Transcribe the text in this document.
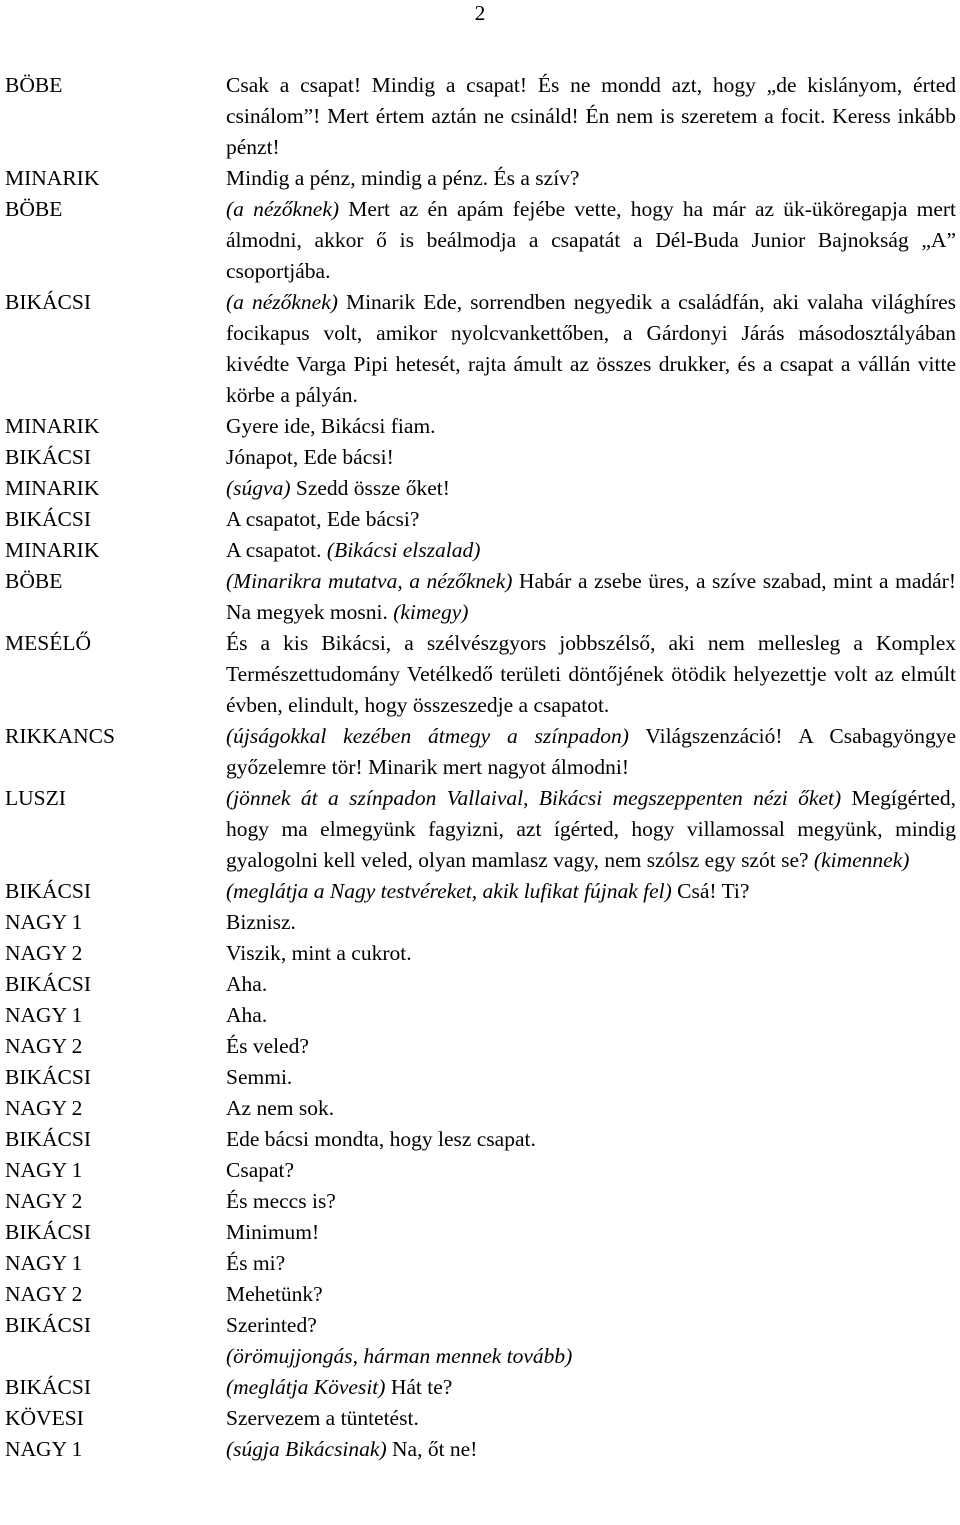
2
BÖBE	Csak a csapat! Mindig a csapat! És ne mondd azt, hogy „de kislányom, érted csinálom”! Mert értem aztán ne csináld! Én nem is szeretem a focit. Keress inkább pénzt!
MINARIK	Mindig a pénz, mindig a pénz. És a szív?
BÖBE	(a nézőknek) Mert az én apám fejébe vette, hogy ha már az ük-üköregapja mert álmodni, akkor ő is beálmodja a csapatát a Dél-Buda Junior Bajnokság „A” csoportjába.
BIKÁCSI	(a nézőknek) Minarik Ede, sorrendben negyedik a családfán, aki valaha világhíres focikapus volt, amikor nyolcvankettőben, a Gárdonyi Járás másodosztályában kivédte Varga Pipi hetesét, rajta ámult az összes drukker, és a csapat a vállán vitte körbe a pályán.
MINARIK	Gyere ide, Bikácsi fiam.
BIKÁCSI	Jónapot, Ede bácsi!
MINARIK	(súgva) Szedd össze őket!
BIKÁCSI	A csapatot, Ede bácsi?
MINARIK	A csapatot. (Bikácsi elszalad)
BÖBE	(Minarikra mutatva, a nézőknek) Habár a zsebe üres, a szíve szabad, mint a madár! Na megyek mosni. (kimegy)
MESÉLŐ	És a kis Bikácsi, a szélvészgyors jobbszélső, aki nem mellesleg a Komplex Természettudomány Vetélkedő területi döntőjének ötödik helyezettje volt az elmúlt évben, elindult, hogy összeszedje a csapatot.
RIKKANCS	(újságokkal kezében átmegy a színpadon) Világszenzáció! A Csabagyöngye győzelemre tör! Minarik mert nagyot álmodni!
LUSZI	(jönnek át a színpadon Vallaival, Bikácsi megszeppenten nézi őket) Megígérted, hogy ma elmegyünk fagyizni, azt ígérted, hogy villamossal megyünk, mindig gyalogolni kell veled, olyan mamlasz vagy, nem szólsz egy szót se? (kimennek)
BIKÁCSI	(meglátja a Nagy testvéreket, akik lufikat fújnak fel) Csá! Ti?
NAGY 1	Biznisz.
NAGY 2	Viszik, mint a cukrot.
BIKÁCSI	Aha.
NAGY 1	Aha.
NAGY 2	És veled?
BIKÁCSI	Semmi.
NAGY 2	Az nem sok.
BIKÁCSI	Ede bácsi mondta, hogy lesz csapat.
NAGY 1	Csapat?
NAGY 2	És meccs is?
BIKÁCSI	Minimum!
NAGY 1	És mi?
NAGY 2	Mehetünk?
BIKÁCSI	Szerinted?
(örömujjongás, hárman mennek tovább)
BIKÁCSI	(meglátja Kövesit) Hát te?
KÖVESI	Szervezem a tüntetést.
NAGY 1	(súgja Bikácsinak) Na, őt ne!
